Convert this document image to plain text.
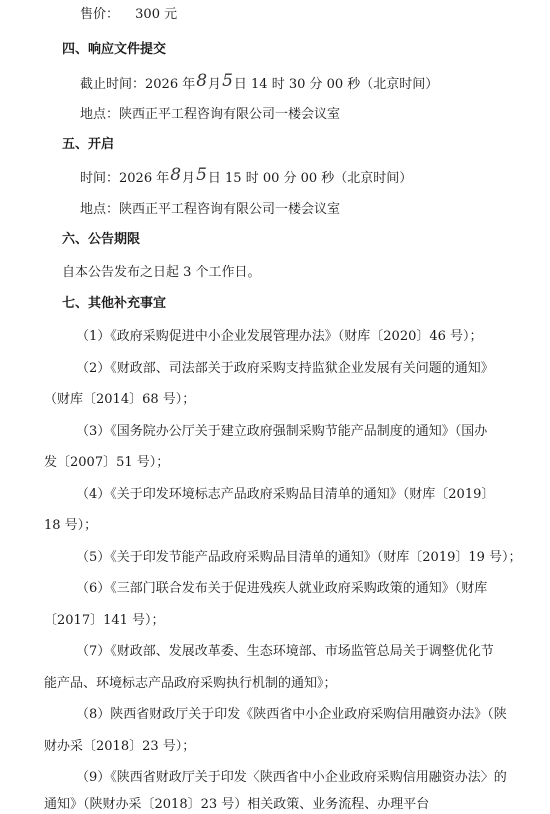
售价： 300 元
四、响应文件提交
截止时间：2026 年8月5日 14 时 30 分 00 秒（北京时间）
地点：陕西正平工程咨询有限公司一楼会议室
五、开启
时间：2026 年8月5日 15 时 00 分 00 秒（北京时间）
地点：陕西正平工程咨询有限公司一楼会议室
六、公告期限
自本公告发布之日起 3 个工作日。
七、其他补充事宜
（1）《政府采购促进中小企业发展管理办法》（财库〔2020〕46 号）；
（2）《财政部、司法部关于政府采购支持监狱企业发展有关问题的通知》
（财库〔2014〕68 号）；
（3）《国务院办公厅关于建立政府强制采购节能产品制度的通知》（国办
发〔2007〕51 号）；
（4）《关于印发环境标志产品政府采购品目清单的通知》（财库〔2019〕
18 号）；
（5）《关于印发节能产品政府采购品目清单的通知》（财库〔2019〕19 号）；
（6）《三部门联合发布关于促进残疾人就业政府采购政策的通知》（财库
〔2017〕141 号）；
（7）《财政部、发展改革委、生态环境部、市场监管总局关于调整优化节
能产品、环境标志产品政府采购执行机制的通知》；
（8）陕西省财政厅关于印发《陕西省中小企业政府采购信用融资办法》（陕
财办采〔2018〕23 号）；
（9）《陕西省财政厅关于印发〈陕西省中小企业政府采购信用融资办法〉的
通知》（陕财办采〔2018〕23 号）相关政策、业务流程、办理平台
